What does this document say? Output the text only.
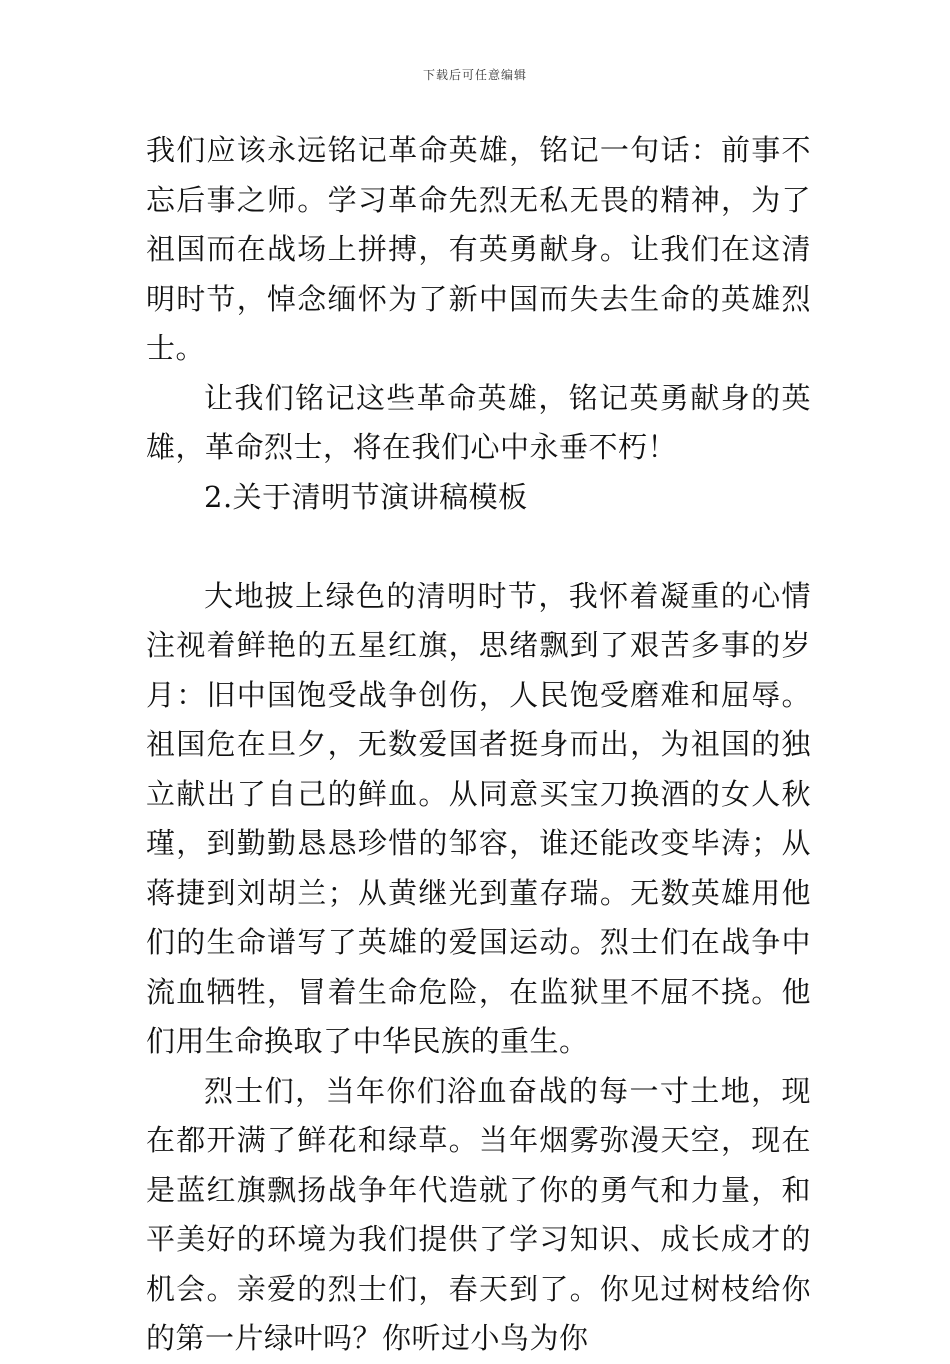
下载后可任意编辑

我们应该永远铭记革命英雄，铭记一句话：前事不忘后事之师。学习革命先烈无私无畏的精神，为了祖国而在战场上拼搏，有英勇献身。让我们在这清明时节，悼念缅怀为了新中国而失去生命的英雄烈士。

让我们铭记这些革命英雄，铭记英勇献身的英雄，革命烈士，将在我们心中永垂不朽！

2.关于清明节演讲稿模板

大地披上绿色的清明时节，我怀着凝重的心情注视着鲜艳的五星红旗，思绪飘到了艰苦多事的岁月：旧中国饱受战争创伤，人民饱受磨难和屈辱。祖国危在旦夕，无数爱国者挺身而出，为祖国的独立献出了自己的鲜血。从同意买宝刀换酒的女人秋瑾，到勤勤恳恳珍惜的邹容，谁还能改变毕涛；从蒋捷到刘胡兰；从黄继光到董存瑞。无数英雄用他们的生命谱写了英雄的爱国运动。烈士们在战争中流血牺牲，冒着生命危险，在监狱里不屈不挠。他们用生命换取了中华民族的重生。

烈士们，当年你们浴血奋战的每一寸土地，现在都开满了鲜花和绿草。当年烟雾弥漫天空，现在是蓝红旗飘扬战争年代造就了你的勇气和力量，和平美好的环境为我们提供了学习知识、成长成才的机会。亲爱的烈士们，春天到了。你见过树枝给你的第一片绿叶吗？你听过小鸟为你
